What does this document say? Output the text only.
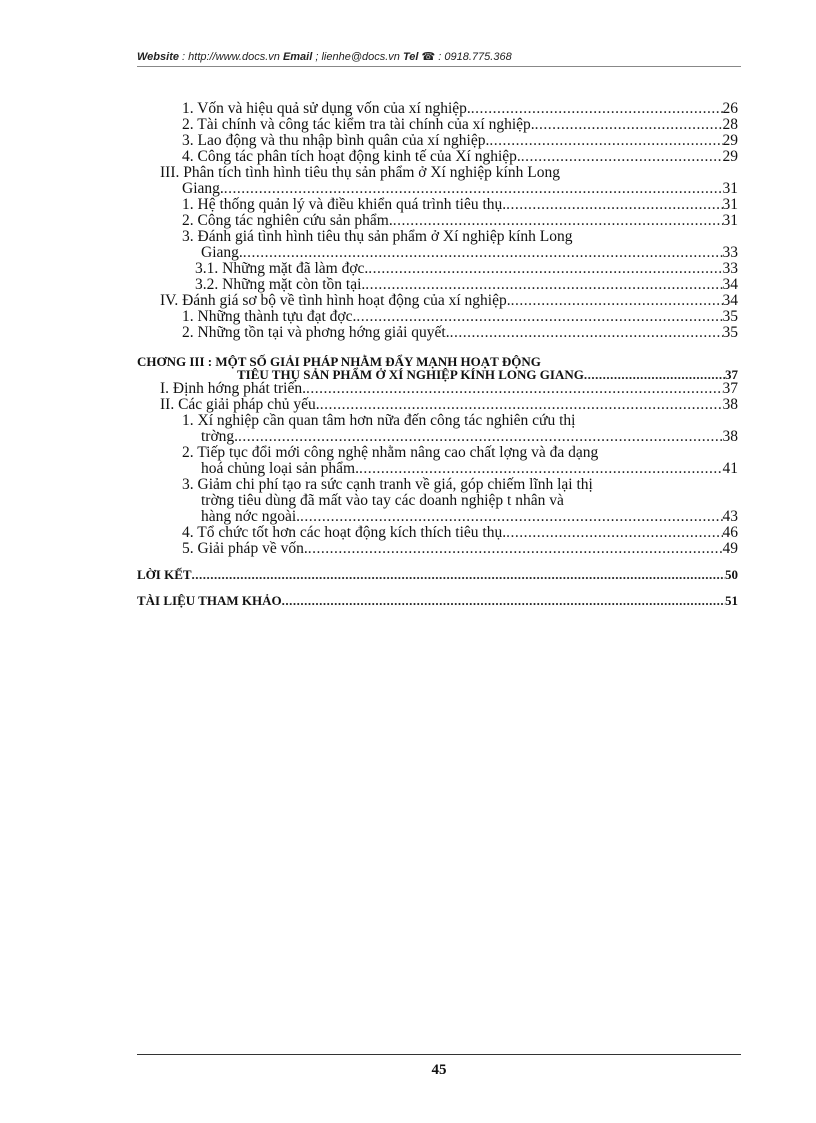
Website : http://www.docs.vn Email ; lienhe@docs.vn Tel ☎ : 0918.775.368
1. Vốn và hiệu quả sử dụng vốn của xí nghiệp. .....	26
2. Tài chính và công tác kiểm tra tài chính của xí nghiệp. .....	28
3. Lao động và thu nhập bình quân của xí nghiệp. .....	29
4. Công tác phân tích hoạt động kinh tế của Xí nghiệp. .....	29
III. Phân tích tình hình tiêu thụ sản phẩm ở Xí nghiệp kính Long
Giang. .....	31
1. Hệ thống quản lý và điều khiển quá trình tiêu thụ. .....	31
2. Công tác nghiên cứu sản phẩm. .....	31
3. Đánh giá tình hình tiêu thụ sản phẩm ở Xí nghiệp kính Long
Giang. .....	33
3.1. Những mặt đã làm đợc. .....	33
3.2. Những mặt còn tồn tại. .....	34
IV. Đánh giá sơ bộ về tình hình hoạt động của xí nghiệp. .....	34
1. Những thành tựu đạt đợc. .....	35
2. Những tồn tại và phơng hớng giải quyết. .....	35
CHƠNG III : MỘT SỐ GIẢI PHÁP NHẰM ĐẨY MẠNH HOẠT ĐỘNG
TIÊU THỤ SẢN PHẨM Ở XÍ NGHIỆP KÍNH LONG GIANG .....	37
I. Định hớng phát triển. .....	37
II. Các giải pháp chủ yếu. .....	38
1. Xí nghiệp cần quan tâm hơn nữa đến công tác nghiên cứu thị
trờng. .....	38
2. Tiếp tục đổi mới công nghệ nhằm nâng cao chất lợng và đa dạng
hoá chủng loại sản phẩm. .....	41
3. Giảm chi phí tạo ra sức cạnh tranh về giá, góp chiếm lĩnh lại thị
trờng tiêu dùng đã mất vào tay các doanh nghiệp t nhân và
hàng nớc ngoài. .....	43
4. Tổ chức tốt hơn các hoạt động kích thích tiêu thụ. .....	46
5. Giải pháp về vốn. .....	49
LỜI KẾT .....	50
TÀI LIỆU THAM KHẢO .....	51
45
